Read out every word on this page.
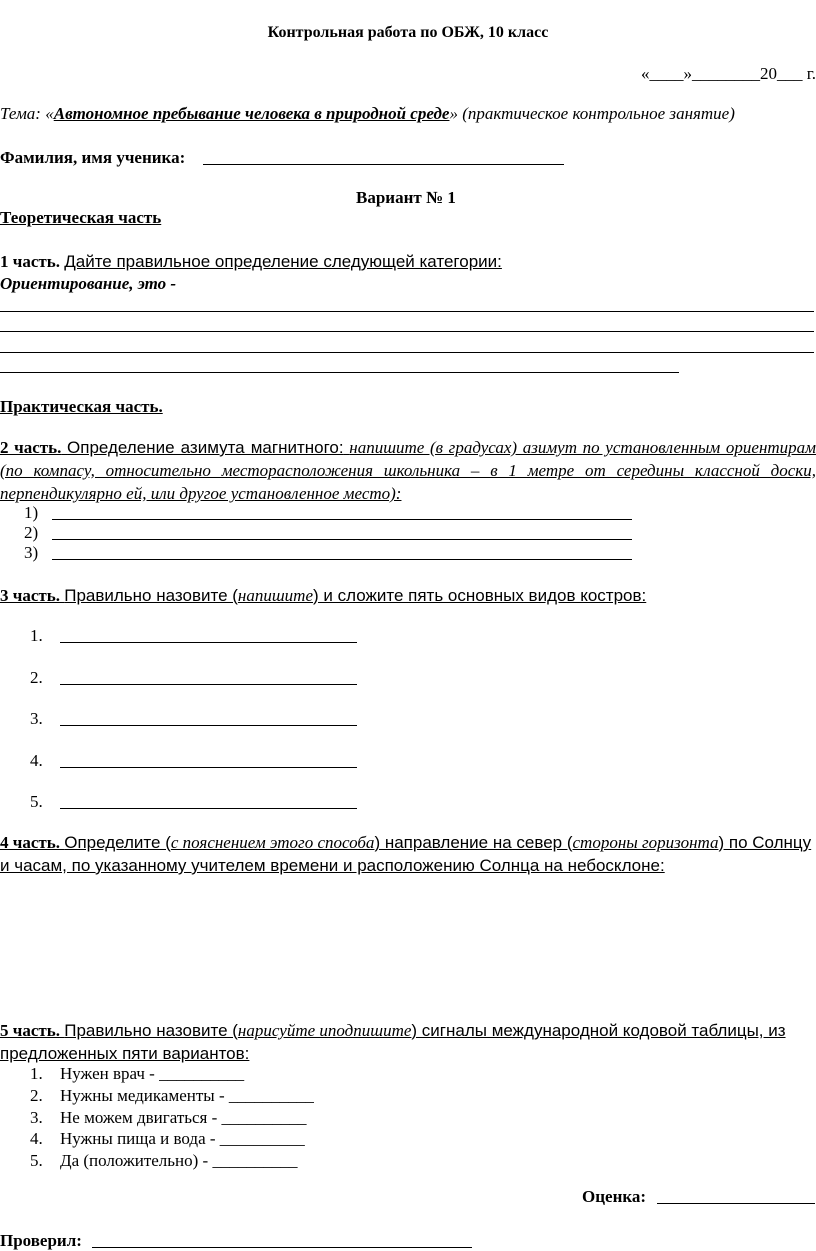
Контрольная работа по ОБЖ, 10 класс
«____»________20___ г.
Тема: «Автономное пребывание человека в природной среде» (практическое контрольное занятие)
Фамилия, имя ученика:
Вариант № 1
Теоретическая часть
1 часть. Дайте правильное определение следующей категории:
Ориентирование, это -
Практическая часть.
2 часть. Определение азимута магнитного: напишите (в градусах) азимут по установленным ориентирам (по компасу, относительно месторасположения школьника – в 1 метре от середины классной доски, перпендикулярно ей, или другое установленное место):
1)
2)
3)
3 часть. Правильно назовите (напишите) и сложите пять основных видов костров:
1.
2.
3.
4.
5.
4 часть. Определите (с пояснением этого способа) направление на север (стороны горизонта) по Солнцу
и часам, по указанному учителем времени и расположению Солнца на небосклоне:
5 часть. Правильно назовите (нарисуйте иподпишите) сигналы международной кодовой таблицы, из
предложенных пяти вариантов:
1. Нужен врач - __________
2. Нужны медикаменты - __________
3. Не можем двигаться - __________
4. Нужны пища и вода - __________
5. Да (положительно) - __________
Оценка:
Проверил:
